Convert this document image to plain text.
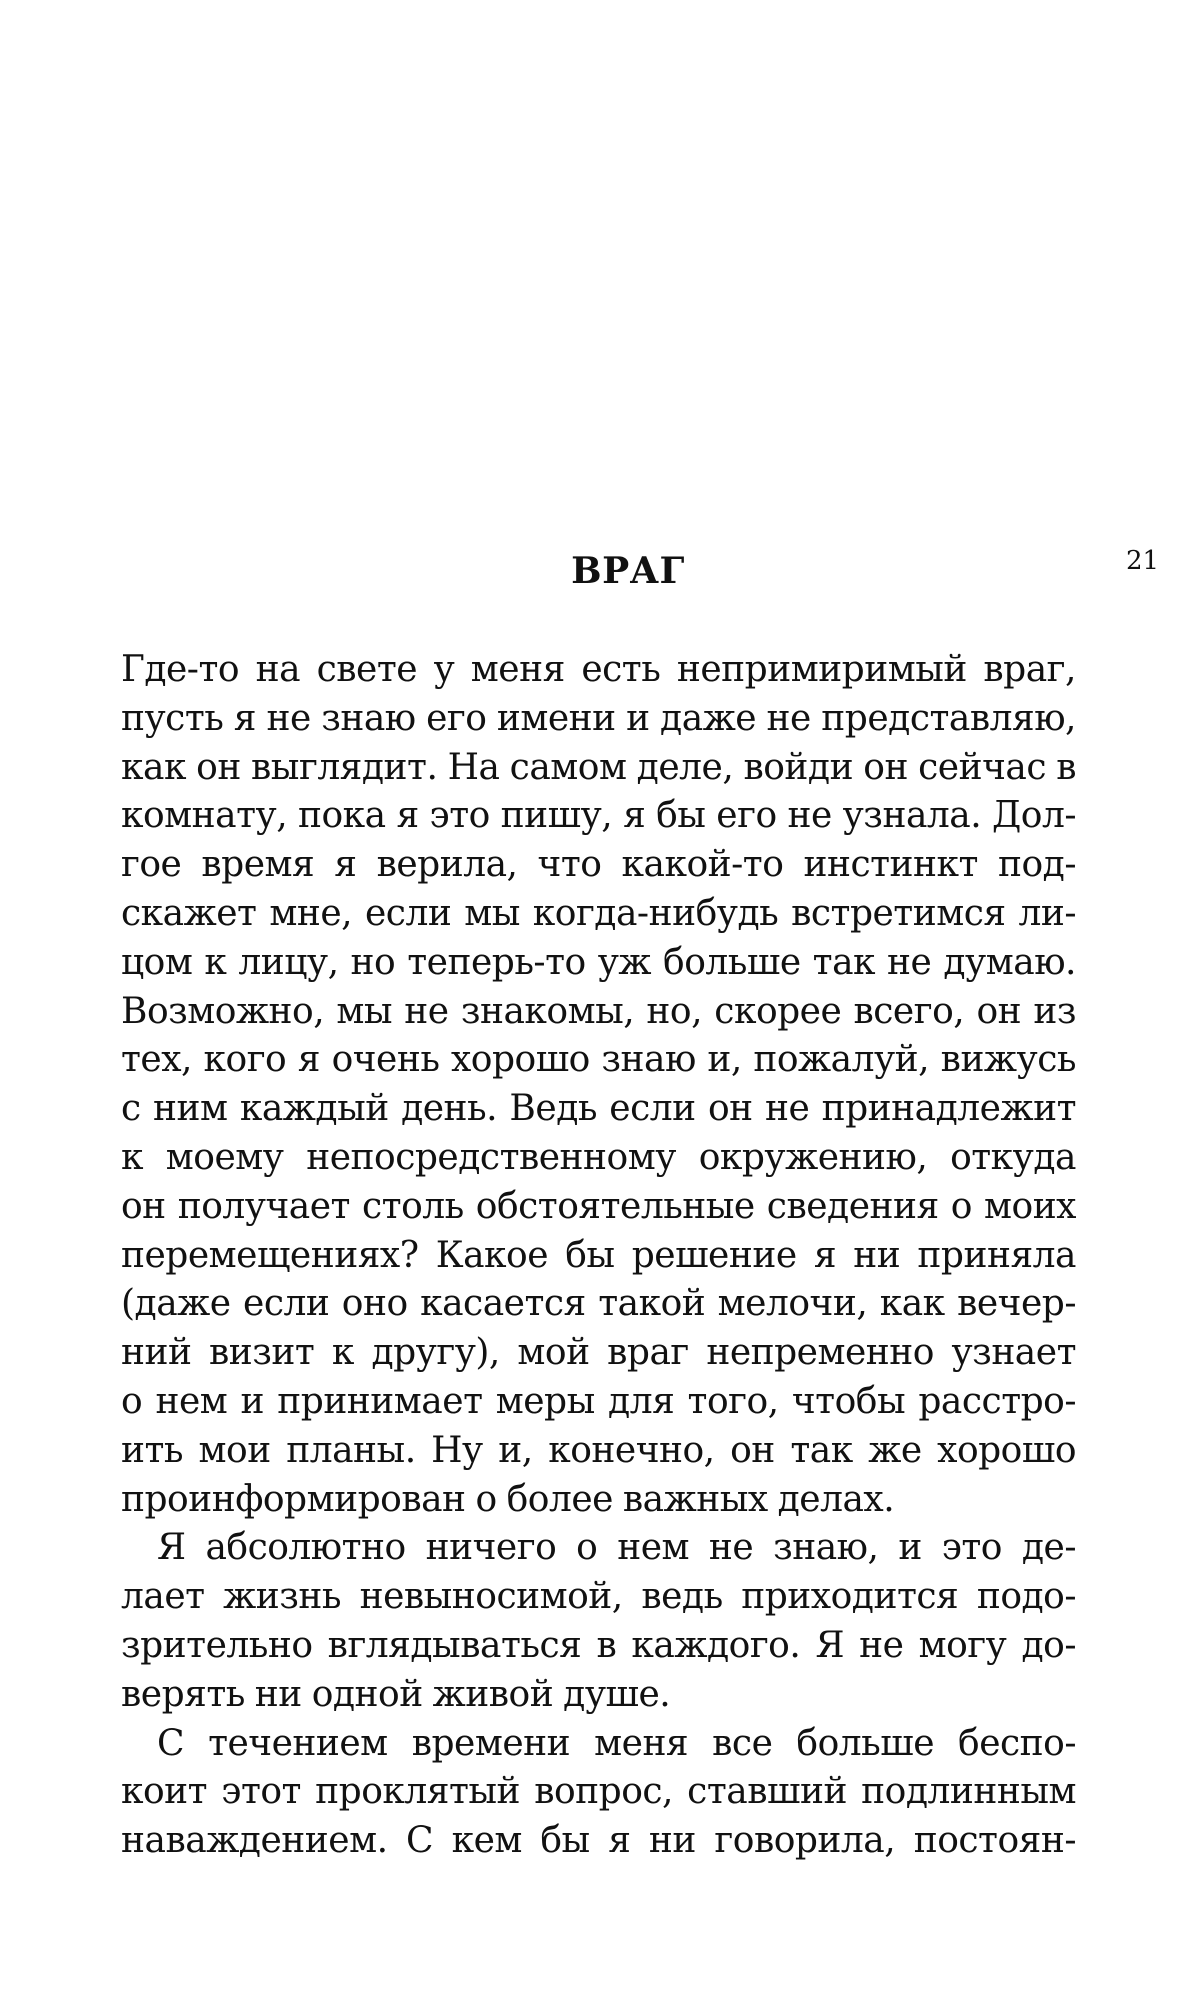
21
ВРАГ
Где-то на свете у меня есть непримиримый враг,
пусть я не знаю его имени и даже не представляю,
как он выглядит. На самом деле, войди он сейчас в
комнату, пока я это пишу, я бы его не узнала. Дол-
гое время я верила, что какой-то инстинкт под-
скажет мне, если мы когда-нибудь встретимся ли-
цом к лицу, но теперь-то уж больше так не думаю.
Возможно, мы не знакомы, но, скорее всего, он из
тех, кого я очень хорошо знаю и, пожалуй, вижусь
с ним каждый день. Ведь если он не принадлежит
к моему непосредственному окружению, откуда
он получает столь обстоятельные сведения о моих
перемещениях? Какое бы решение я ни приняла
(даже если оно касается такой мелочи, как вечер-
ний визит к другу), мой враг непременно узнает
о нем и принимает меры для того, чтобы расстро-
ить мои планы. Ну и, конечно, он так же хорошо
проинформирован о более важных делах.
Я абсолютно ничего о нем не знаю, и это де-
лает жизнь невыносимой, ведь приходится подо-
зрительно вглядываться в каждого. Я не могу до-
верять ни одной живой душе.
С течением времени меня все больше беспо-
коит этот проклятый вопрос, ставший подлинным
наваждением. С кем бы я ни говорила, постоян-
